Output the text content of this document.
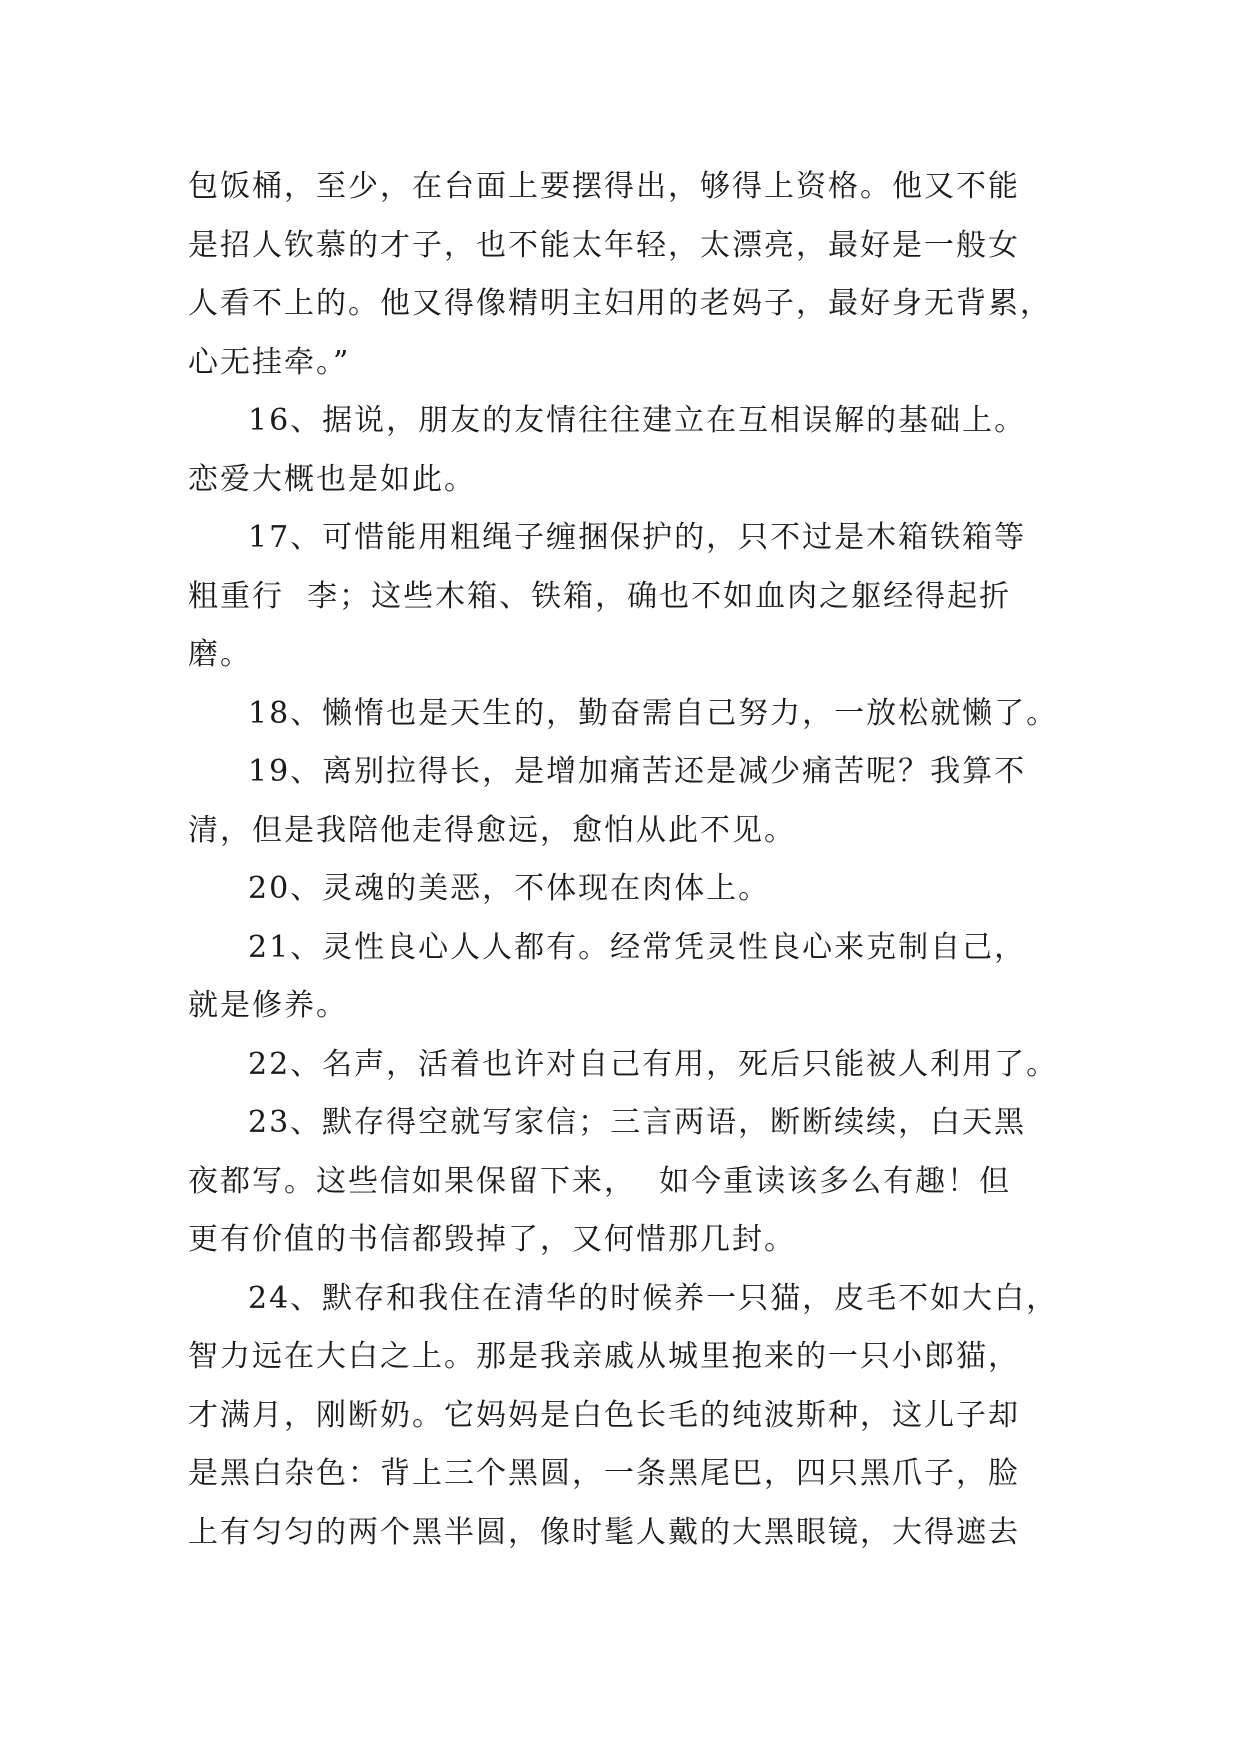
包饭桶，至少，在台面上要摆得出，够得上资格。他又不能
是招人钦慕的才子，也不能太年轻，太漂亮，最好是一般女
人看不上的。他又得像精明主妇用的老妈子，最好身无背累，
心无挂牵。”
16、据说，朋友的友情往往建立在互相误解的基础上。
恋爱大概也是如此。
17、可惜能用粗绳子缠捆保护的，只不过是木箱铁箱等
粗重行  李；这些木箱、铁箱，确也不如血肉之躯经得起折
磨。
18、懒惰也是天生的，勤奋需自己努力，一放松就懒了。
19、离别拉得长，是增加痛苦还是减少痛苦呢？我算不
清，但是我陪他走得愈远，愈怕从此不见。
20、灵魂的美恶，不体现在肉体上。
21、灵性良心人人都有。经常凭灵性良心来克制自己，
就是修养。
22、名声，活着也许对自己有用，死后只能被人利用了。
23、默存得空就写家信；三言两语，断断续续，白天黑
夜都写。这些信如果保留下来，  如今重读该多么有趣！但
更有价值的书信都毁掉了，又何惜那几封。
24、默存和我住在清华的时候养一只猫，皮毛不如大白，
智力远在大白之上。那是我亲戚从城里抱来的一只小郎猫，
才满月，刚断奶。它妈妈是白色长毛的纯波斯种，这儿子却
是黑白杂色：背上三个黑圆，一条黑尾巴，四只黑爪子，脸
上有匀匀的两个黑半圆，像时髦人戴的大黑眼镜，大得遮去
